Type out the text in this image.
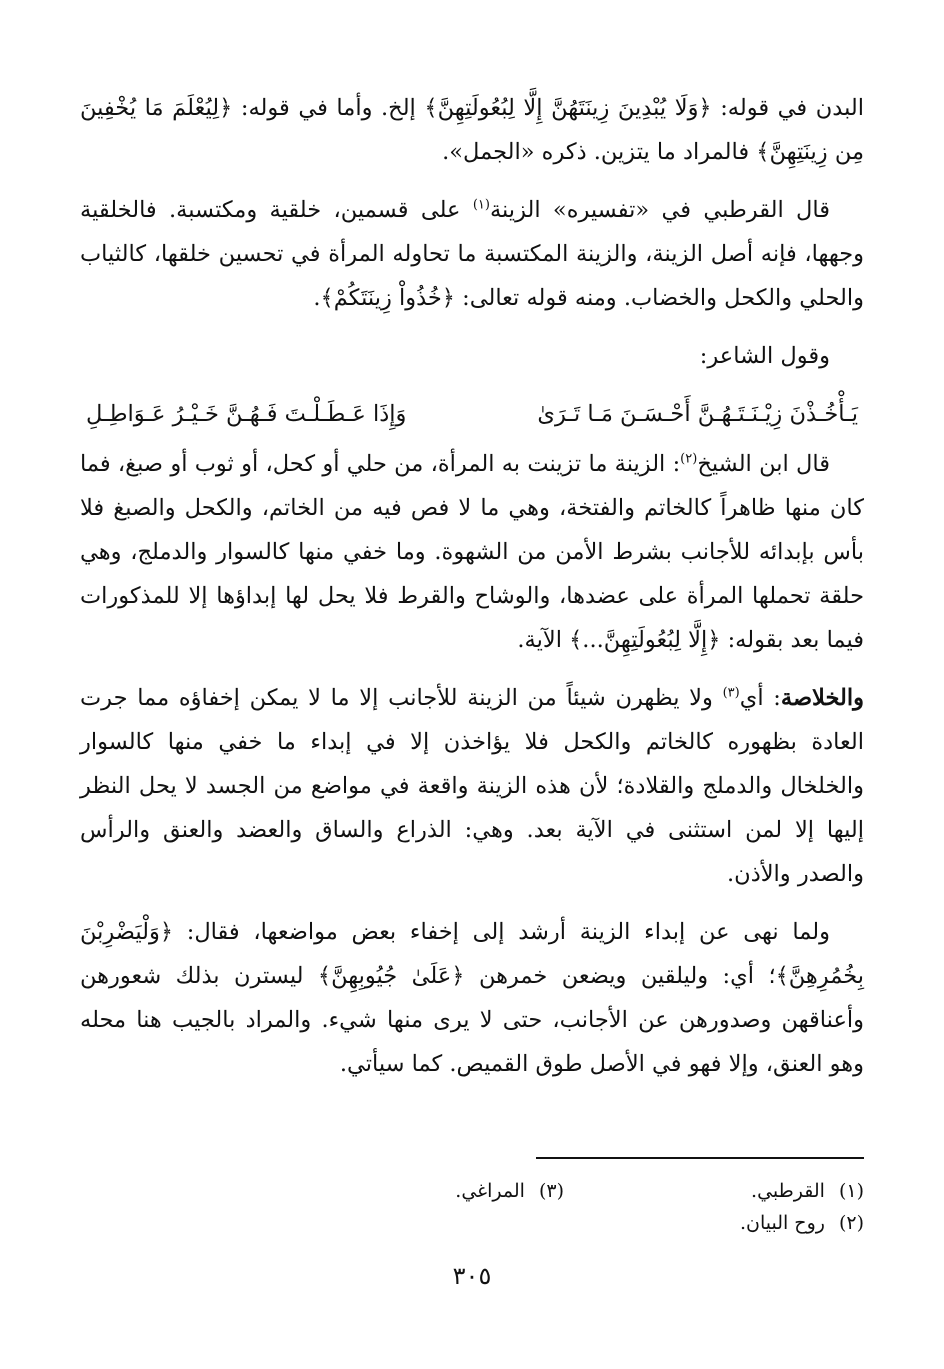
البدن في قوله: ﴿وَلَا يُبْدِينَ زِينَتَهُنَّ إِلَّا لِبُعُولَتِهِنَّ﴾ إلخ. وأما في قوله: ﴿لِيُعْلَمَ مَا يُخْفِينَ مِن زِينَتِهِنَّ﴾ فالمراد ما يتزين. ذكره «الجمل».

قال القرطبي في «تفسيره» الزينة$^{(١)}$ على قسمين، خلقية ومكتسبة. فالخلقية وجهها، فإنه أصل الزينة، والزينة المكتسبة ما تحاوله المرأة في تحسين خلقها، كالثياب والحلي والكحل والخضاب. ومنه قوله تعالى: ﴿خُذُواْ زِينَتَكُمْ﴾.

وقول الشاعر:

يَـأْخُـذْنَ زِيْـنَـتَـهُـنَّ أَحْـسَـنَ مَـا تَـرَىٰ
وَإِذَا عَـطَـلْـتَ فَـهُـنَّ خَـيْـرُ عَـوَاطِـلِ

قال ابن الشيخ$^{(٢)}$: الزينة ما تزينت به المرأة، من حلي أو كحل، أو ثوب أو صبغ، فما كان منها ظاهراً كالخاتم والفتخة، وهي ما لا فص فيه من الخاتم، والكحل والصبغ فلا بأس بإبدائه للأجانب بشرط الأمن من الشهوة. وما خفي منها كالسوار والدملج، وهي حلقة تحملها المرأة على عضدها، والوشاح والقرط فلا يحل لها إبداؤها إلا للمذكورات فيما بعد بقوله: ﴿إِلَّا لِبُعُولَتِهِنَّ...﴾ الآية.

والخلاصة: أي$^{(٣)}$ ولا يظهرن شيئاً من الزينة للأجانب إلا ما لا يمكن إخفاؤه مما جرت العادة بظهوره كالخاتم والكحل فلا يؤاخذن إلا في إبداء ما خفي منها كالسوار والخلخال والدملج والقلادة؛ لأن هذه الزينة واقعة في مواضع من الجسد لا يحل النظر إليها إلا لمن استثنى في الآية بعد. وهي: الذراع والساق والعضد والعنق والرأس والصدر والأذن.

ولما نهى عن إبداء الزينة أرشد إلى إخفاء بعض مواضعها، فقال: ﴿وَلْيَضْرِبْنَ بِخُمُرِهِنَّ﴾؛ أي: وليلقين ويضعن خمرهن ﴿عَلَىٰ جُيُوبِهِنَّ﴾ ليسترن بذلك شعورهن وأعناقهن وصدورهن عن الأجانب، حتى لا يرى منها شيء. والمراد بالجيب هنا محله وهو العنق، وإلا فهو في الأصل طوق القميص. كما سيأتي.

(١)القرطبي.
(٣)المراغي.
(٢)روح البيان.
٣٠٥
